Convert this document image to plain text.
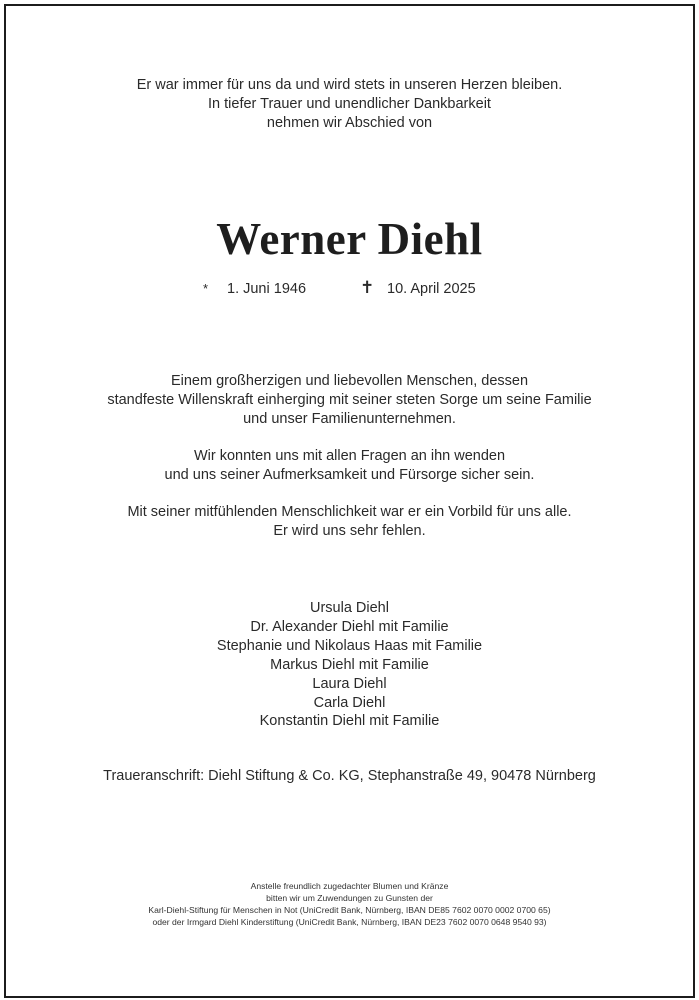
Er war immer für uns da und wird stets in unseren Herzen bleiben.
In tiefer Trauer und unendlicher Dankbarkeit
nehmen wir Abschied von
Werner Diehl
* 1. Juni 1946	✝ 10. April 2025
Einem großherzigen und liebevollen Menschen, dessen
standfeste Willenskraft einherging mit seiner steten Sorge um seine Familie
und unser Familienunternehmen.
Wir konnten uns mit allen Fragen an ihn wenden
und uns seiner Aufmerksamkeit und Fürsorge sicher sein.
Mit seiner mitfühlenden Menschlichkeit war er ein Vorbild für uns alle.
Er wird uns sehr fehlen.
Ursula Diehl
Dr. Alexander Diehl mit Familie
Stephanie und Nikolaus Haas mit Familie
Markus Diehl mit Familie
Laura Diehl
Carla Diehl
Konstantin Diehl mit Familie
Traueranschrift: Diehl Stiftung & Co. KG, Stephanstraße 49, 90478 Nürnberg
Anstelle freundlich zugedachter Blumen und Kränze
bitten wir um Zuwendungen zu Gunsten der
Karl-Diehl-Stiftung für Menschen in Not (UniCredit Bank, Nürnberg, IBAN DE85 7602 0070 0002 0700 65)
oder der Irmgard Diehl Kinderstiftung (UniCredit Bank, Nürnberg, IBAN DE23 7602 0070 0648 9540 93)
